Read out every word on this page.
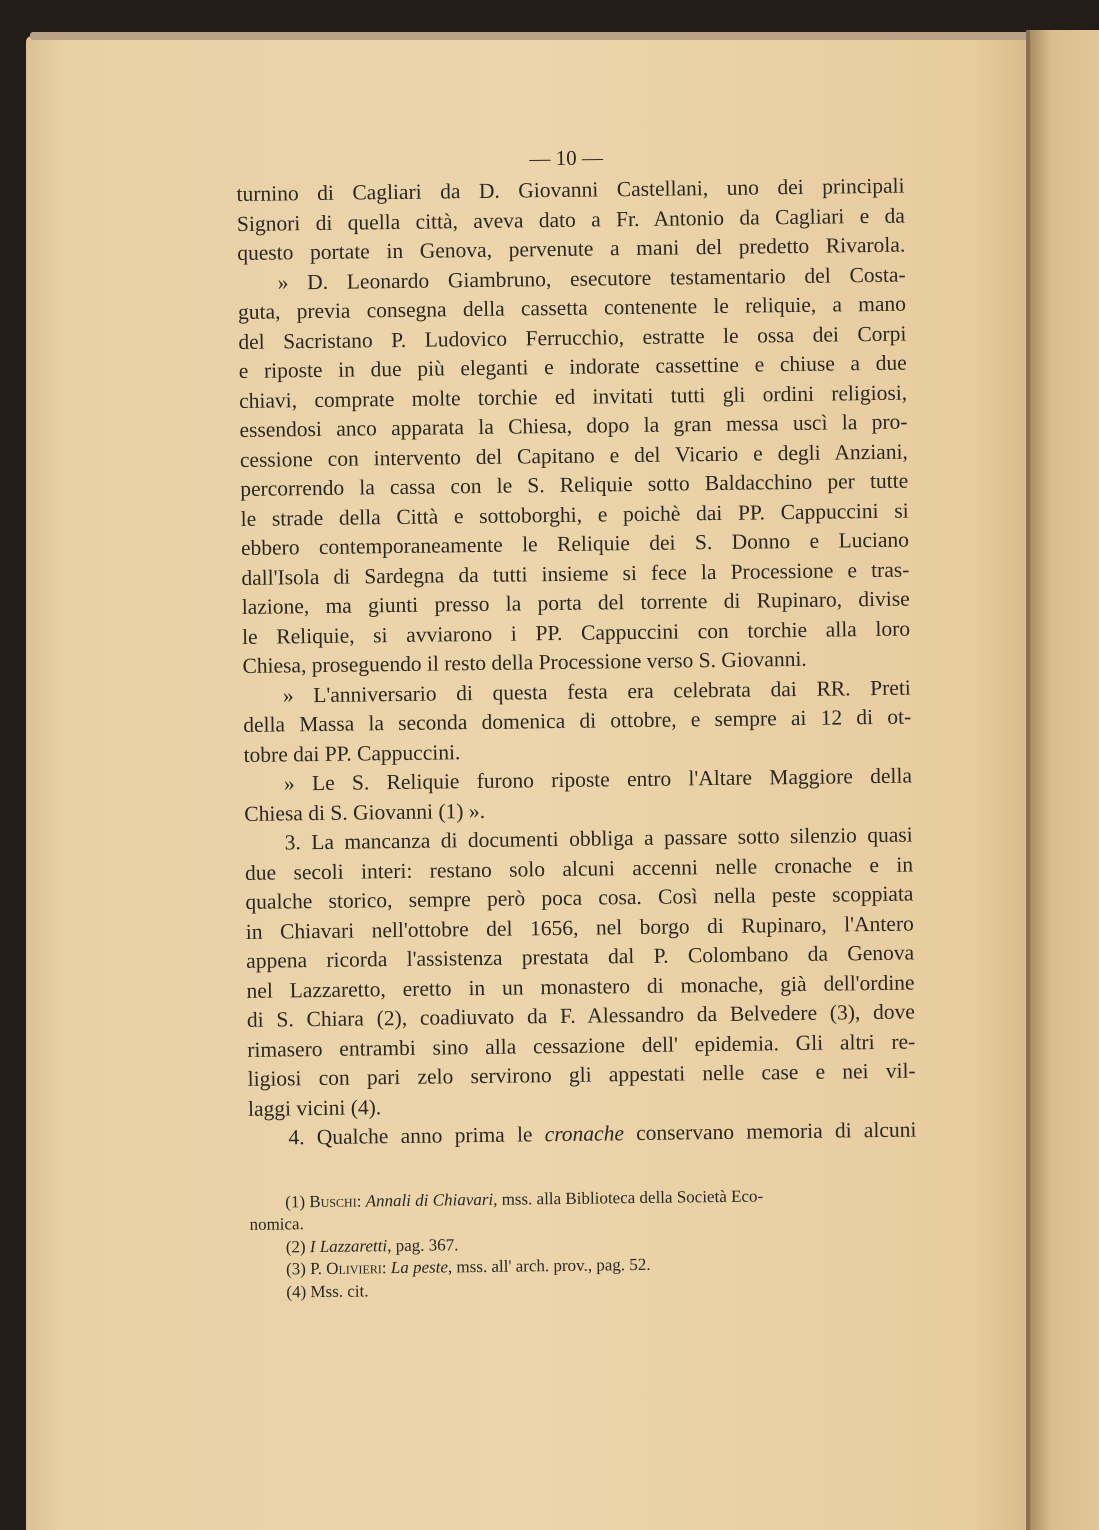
— 10 —
turnino di Cagliari da D. Giovanni Castellani, uno dei principali
Signori di quella città, aveva dato a Fr. Antonio da Cagliari e da
questo portate in Genova, pervenute a mani del predetto Rivarola.
» D. Leonardo Giambruno, esecutore testamentario del Costa-
guta, previa consegna della cassetta contenente le reliquie, a mano
del Sacristano P. Ludovico Ferrucchio, estratte le ossa dei Corpi
e riposte in due più eleganti e indorate cassettine e chiuse a due
chiavi, comprate molte torchie ed invitati tutti gli ordini religiosi,
essendosi anco apparata la Chiesa, dopo la gran messa uscì la pro-
cessione con intervento del Capitano e del Vicario e degli Anziani,
percorrendo la cassa con le S. Reliquie sotto Baldacchino per tutte
le strade della Città e sottoborghi, e poichè dai PP. Cappuccini si
ebbero contemporaneamente le Reliquie dei S. Donno e Luciano
dall'Isola di Sardegna da tutti insieme si fece la Processione e tras-
lazione, ma giunti presso la porta del torrente di Rupinaro, divise
le Reliquie, si avviarono i PP. Cappuccini con torchie alla loro
Chiesa, proseguendo il resto della Processione verso S. Giovanni.
» L'anniversario di questa festa era celebrata dai RR. Preti
della Massa la seconda domenica di ottobre, e sempre ai 12 di ot-
tobre dai PP. Cappuccini.
» Le S. Reliquie furono riposte entro l'Altare Maggiore della
Chiesa di S. Giovanni (1) ».
3. La mancanza di documenti obbliga a passare sotto silenzio quasi
due secoli interi: restano solo alcuni accenni nelle cronache e in
qualche storico, sempre però poca cosa. Così nella peste scoppiata
in Chiavari nell'ottobre del 1656, nel borgo di Rupinaro, l'Antero
appena ricorda l'assistenza prestata dal P. Colombano da Genova
nel Lazzaretto, eretto in un monastero di monache, già dell'ordine
di S. Chiara (2), coadiuvato da F. Alessandro da Belvedere (3), dove
rimasero entrambi sino alla cessazione dell' epidemia. Gli altri re-
ligiosi con pari zelo servirono gli appestati nelle case e nei vil-
laggi vicini (4).
4. Qualche anno prima le cronache conservano memoria di alcuni
(1) Buschi: Annali di Chiavari, mss. alla Biblioteca della Società Eco-
nomica.
(2) I Lazzaretti, pag. 367.
(3) P. Olivieri: La peste, mss. all' arch. prov., pag. 52.
(4) Mss. cit.
